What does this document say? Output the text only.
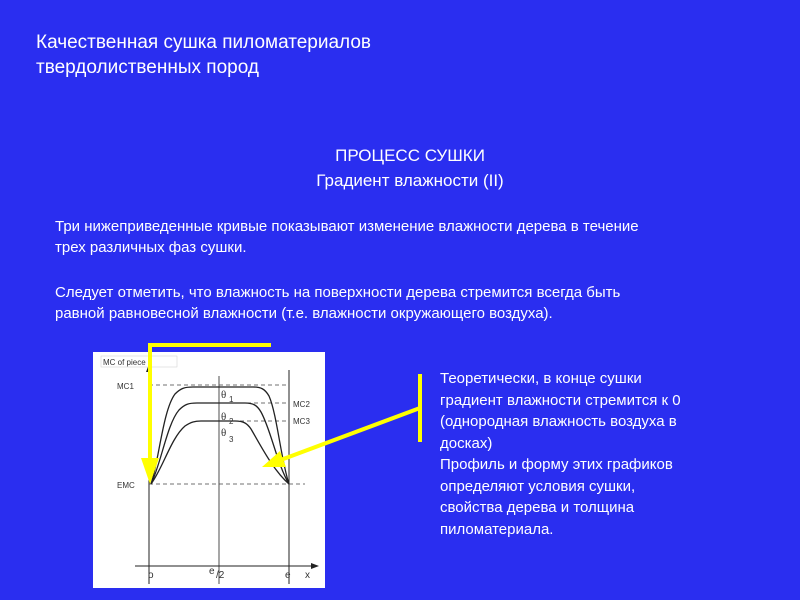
Качественная сушка пиломатериалов
твердолиственных пород
ПРОЦЕСС СУШКИ
Градиент влажности (II)
Три нижеприведенные кривые показывают изменение влажности дерева в течение
трех различных фаз сушки.
Следует отметить, что влажность на поверхности дерева стремится всегда быть
равной равновесной влажности (т.е. влажности окружающего воздуха).
MC of piece
MC1
MC2
MC3
EMC
θ 1
θ 2
θ
3
o	e /2	e x
Теоретически, в конце сушки
градиент влажности стремится к 0
(однородная влажность воздуха в
досках)
Профиль и форму этих графиков
определяют условия сушки,
свойства дерева и толщина
пиломатериала.
